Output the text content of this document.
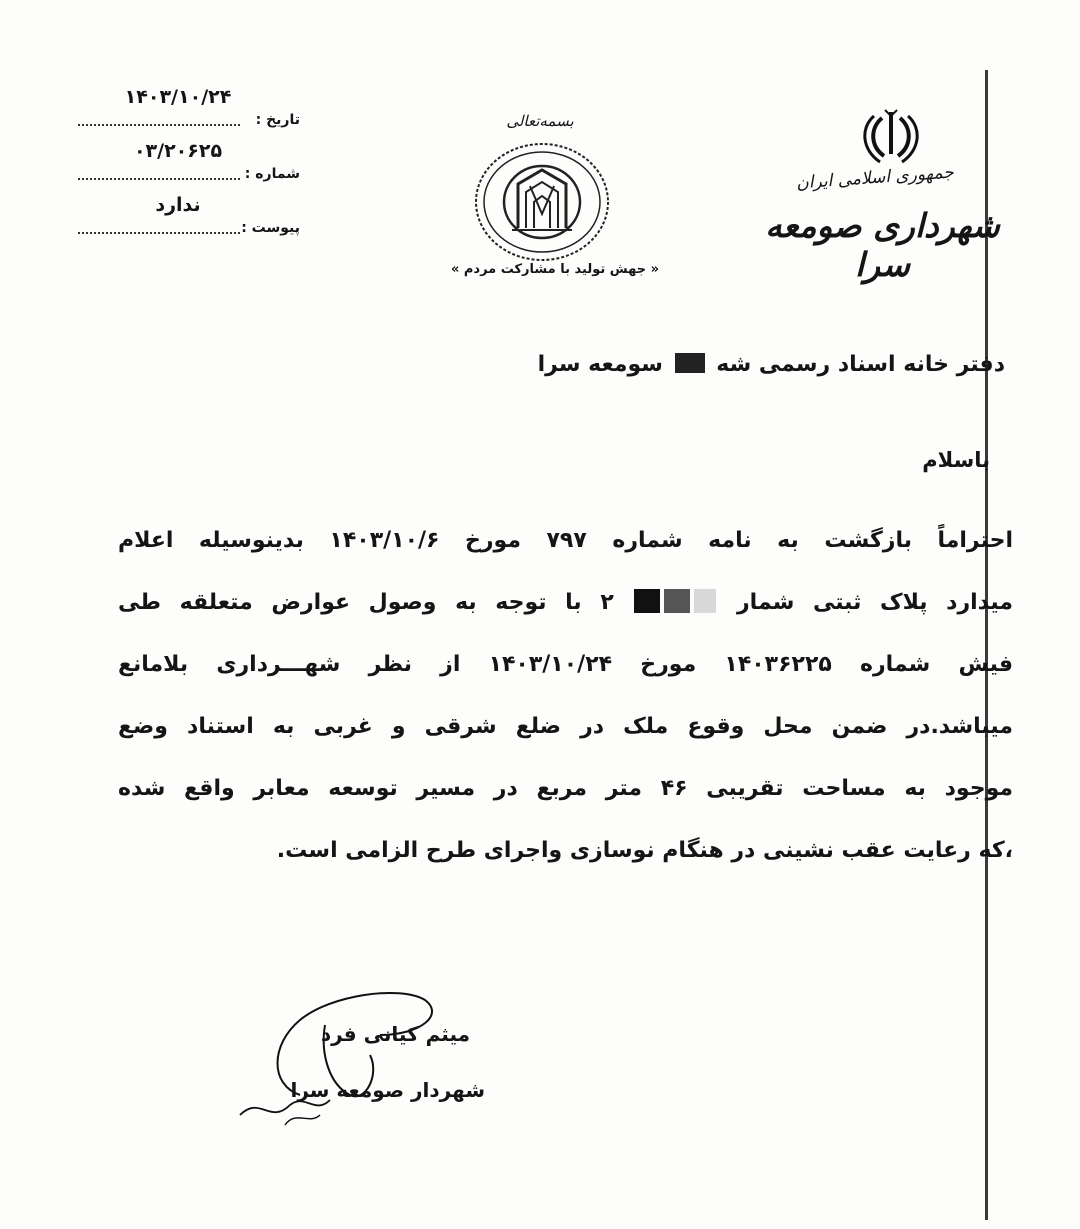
۱۴۰۳/۱۰/۲۴
تاریخ :
۰۳/۲۰۶۲۵
شماره :
ندارد
پیوست :
بسمه‌تعالی
« جهش تولید با مشارکت مردم »
جمهوری اسلامی ایران
شهرداری صومعه سرا
دفتر خانه اسناد رسمی شه  سومعه سرا
باسلام
احتراماً بازگشت به نامه شماره ۷۹۷ مورخ ۱۴۰۳/۱۰/۶ بدینوسیله اعلام
میدارد پلاک ثبتی شمار  ۲ با توجه به وصول عوارض متعلقه طی
فیش شماره ۱۴۰۳۶۲۲۵ مورخ ۱۴۰۳/۱۰/۲۴ از نظر شهـــرداری بلامانع
میباشد.در ضمن محل وقوع ملک در ضلع شرقی و غربی به استناد وضع
موجود به مساحت تقریبی ۴۶ متر مربع در مسیر توسعه معابر واقع شده
،که رعایت عقب نشینی در هنگام نوسازی واجرای طرح الزامی است.
میثم کیانی فرد
شهردار صومعه سرا
